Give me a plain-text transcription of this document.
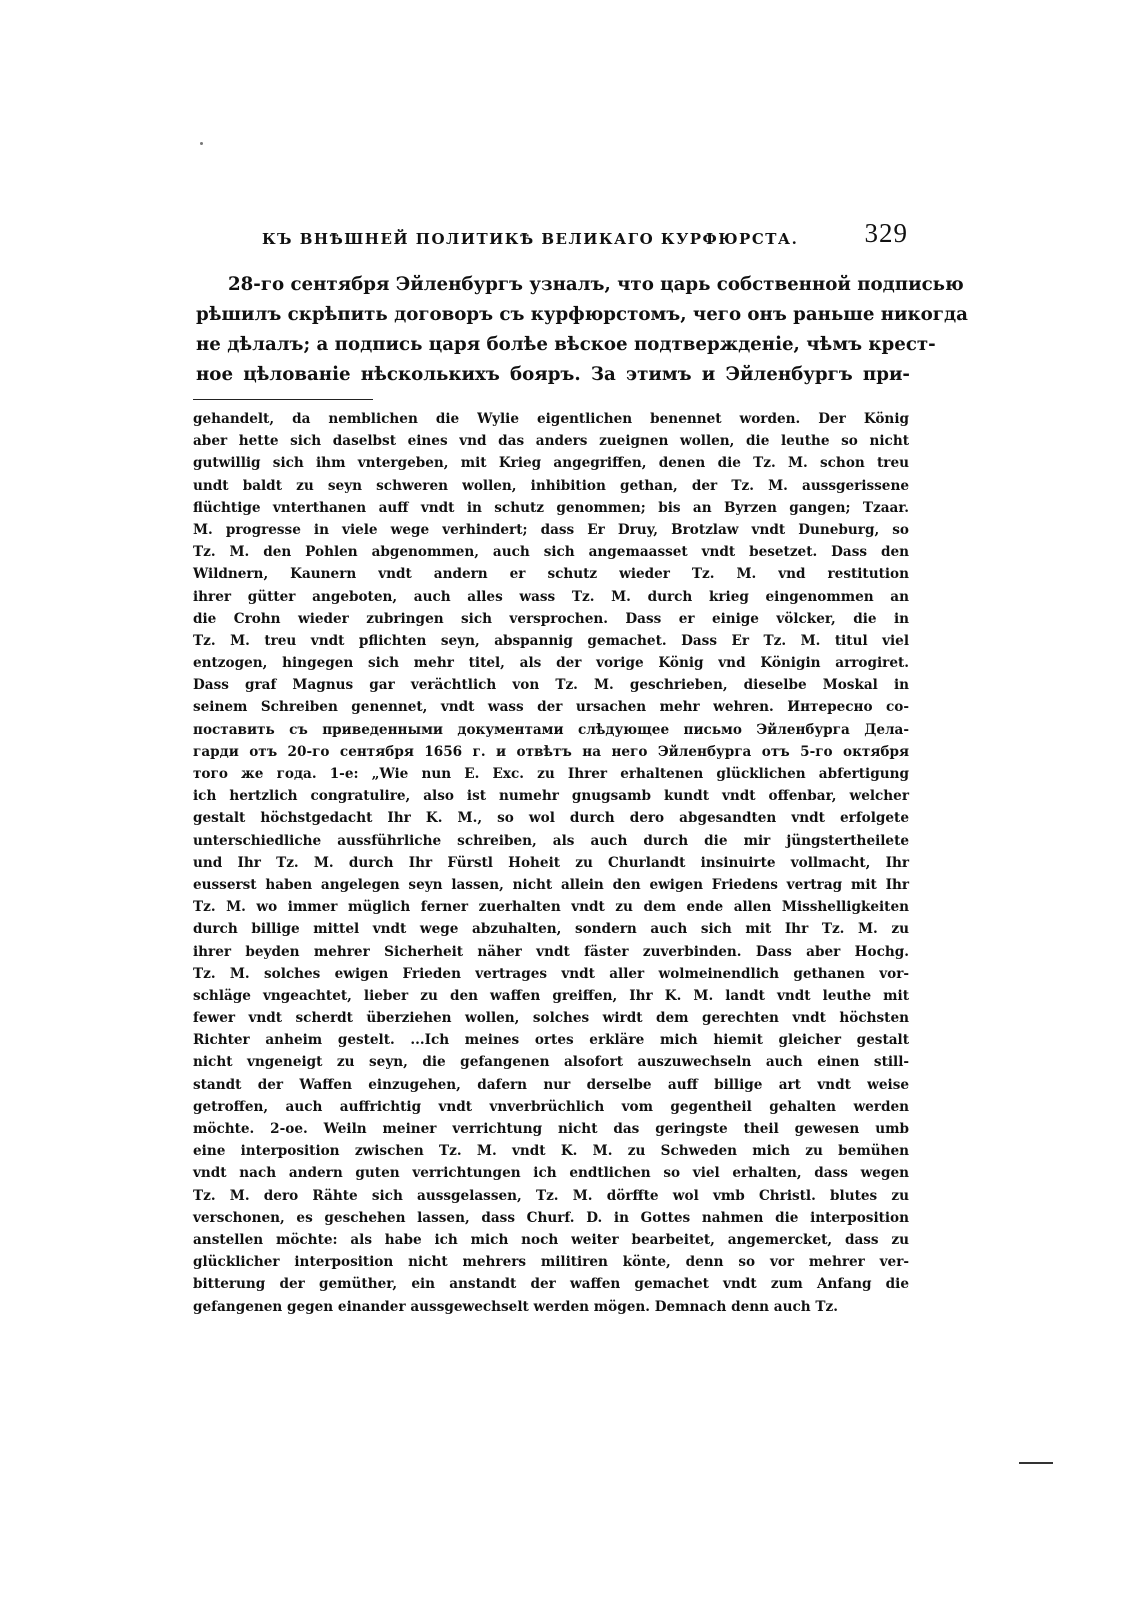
КЪ ВНѢШНЕЙ ПОЛИТИКѢ ВЕЛИКАГО КУРФЮРСТА. 329
28-го сентября Эйленбургъ узналъ, что царь собственной подписью
рѣшилъ скрѣпить договоръ съ курфюрстомъ, чего онъ раньше никогда
не дѣлалъ; а подпись царя болѣе вѣское подтвержденіе, чѣмъ крест-
ное цѣлованіе нѣсколькихъ бояръ. За этимъ и Эйленбургъ при-
gehandelt, da nemblichen die Wylie eigentlichen benennet worden. Der König
aber hette sich daselbst eines vnd das anders zueignen wollen, die leuthe so nicht
gutwillig sich ihm vntergeben, mit Krieg angegriffen, denen die Tz. M. schon treu
undt baldt zu seyn schweren wollen, inhibition gethan, der Tz. M. aussgerissene
flüchtige vnterthanen auff vndt in schutz genommen; bis an Byrzen gangen; Tzaar.
M. progresse in viele wege verhindert; dass Er Druy, Brotzlaw vndt Duneburg, so
Tz. M. den Pohlen abgenommen, auch sich angemaasset vndt besetzet. Dass den
Wildnern, Kaunern vndt andern er schutz wieder Tz. M. vnd restitution
ihrer gütter angeboten, auch alles wass Tz. M. durch krieg eingenommen an
die Crohn wieder zubringen sich versprochen. Dass er einige völcker, die in
Tz. M. treu vndt pflichten seyn, abspannig gemachet. Dass Er Tz. M. titul viel
entzogen, hingegen sich mehr titel, als der vorige König vnd Königin arrogiret.
Dass graf Magnus gar verächtlich von Tz. M. geschrieben, dieselbe Moskal in
seinem Schreiben genennet, vndt wass der ursachen mehr wehren. Интересно со-
поставить съ приведенными документами слѣдующее письмо Эйленбурга Дела-
гарди отъ 20-го сентября 1656 г. и отвѣтъ на него Эйленбурга отъ 5-го октября
того же года. 1-е: „Wie nun E. Exc. zu Ihrer erhaltenen glücklichen abfertigung
ich hertzlich congratulire, also ist numehr gnugsamb kundt vndt offenbar, welcher
gestalt höchstgedacht Ihr K. M., so wol durch dero abgesandten vndt erfolgete
unterschiedliche aussführliche schreiben, als auch durch die mir jüngstertheilete
und Ihr Tz. M. durch Ihr Fürstl Hoheit zu Churlandt insinuirte vollmacht, Ihr
eusserst haben angelegen seyn lassen, nicht allein den ewigen Friedens vertrag mit Ihr
Tz. M. wo immer müglich ferner zuerhalten vndt zu dem ende allen Misshelligkeiten
durch billige mittel vndt wege abzuhalten, sondern auch sich mit Ihr Tz. M. zu
ihrer beyden mehrer Sicherheit näher vndt fäster zuverbinden. Dass aber Hochg.
Tz. M. solches ewigen Frieden vertrages vndt aller wolmeinendlich gethanen vor-
schläge vngeachtet, lieber zu den waffen greiffen, Ihr K. M. landt vndt leuthe mit
fewer vndt scherdt überziehen wollen, solches wirdt dem gerechten vndt höchsten
Richter anheim gestelt. ...Ich meines ortes erkläre mich hiemit gleicher gestalt
nicht vngeneigt zu seyn, die gefangenen alsofort auszuwechseln auch einen still-
standt der Waffen einzugehen, dafern nur derselbe auff billige art vndt weise
getroffen, auch auffrichtig vndt vnverbrüchlich vom gegentheil gehalten werden
möchte. 2-oe. Weiln meiner verrichtung nicht das geringste theil gewesen umb
eine interposition zwischen Tz. M. vndt K. M. zu Schweden mich zu bemühen
vndt nach andern guten verrichtungen ich endtlichen so viel erhalten, dass wegen
Tz. M. dero Rähte sich aussgelassen, Tz. M. dörffte wol vmb Christl. blutes zu
verschonen, es geschehen lassen, dass Churf. D. in Gottes nahmen die interposition
anstellen möchte: als habe ich mich noch weiter bearbeitet, angemercket, dass zu
glücklicher interposition nicht mehrers militiren könte, denn so vor mehrer ver-
bitterung der gemüther, ein anstandt der waffen gemachet vndt zum Anfang die
gefangenen gegen einander aussgewechselt werden mögen. Demnach denn auch Tz.
